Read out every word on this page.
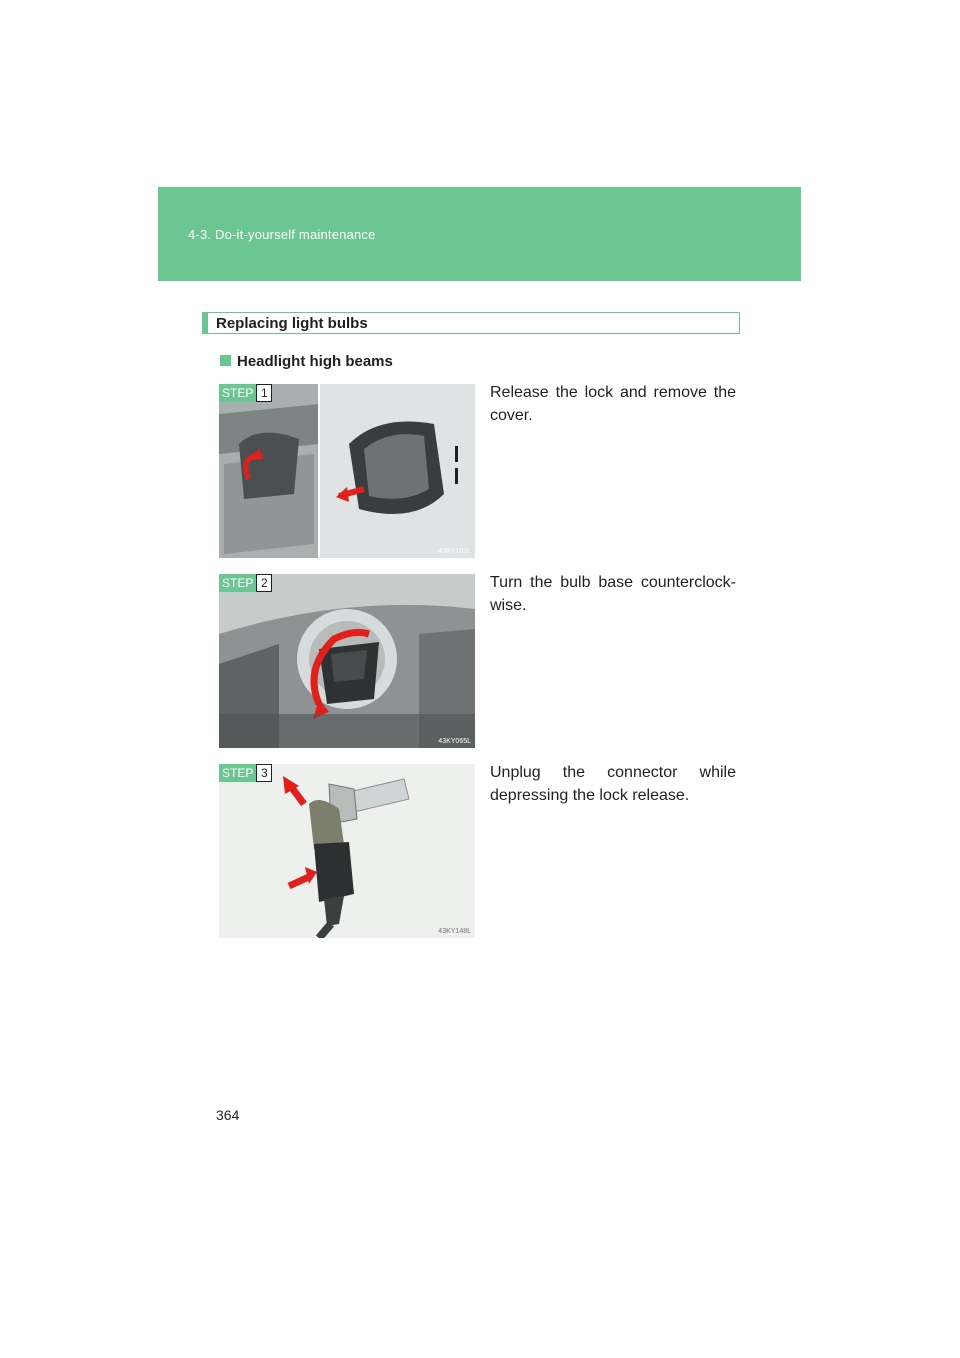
4-3. Do-it-yourself maintenance
Replacing light bulbs
Headlight high beams
STEP 1
43KY102L
Release the lock and remove the cover.
STEP 2
43KY065L
Turn the bulb base counterclock-wise.
STEP 3
43KY148L
Unplug the connector while depressing the lock release.
364
